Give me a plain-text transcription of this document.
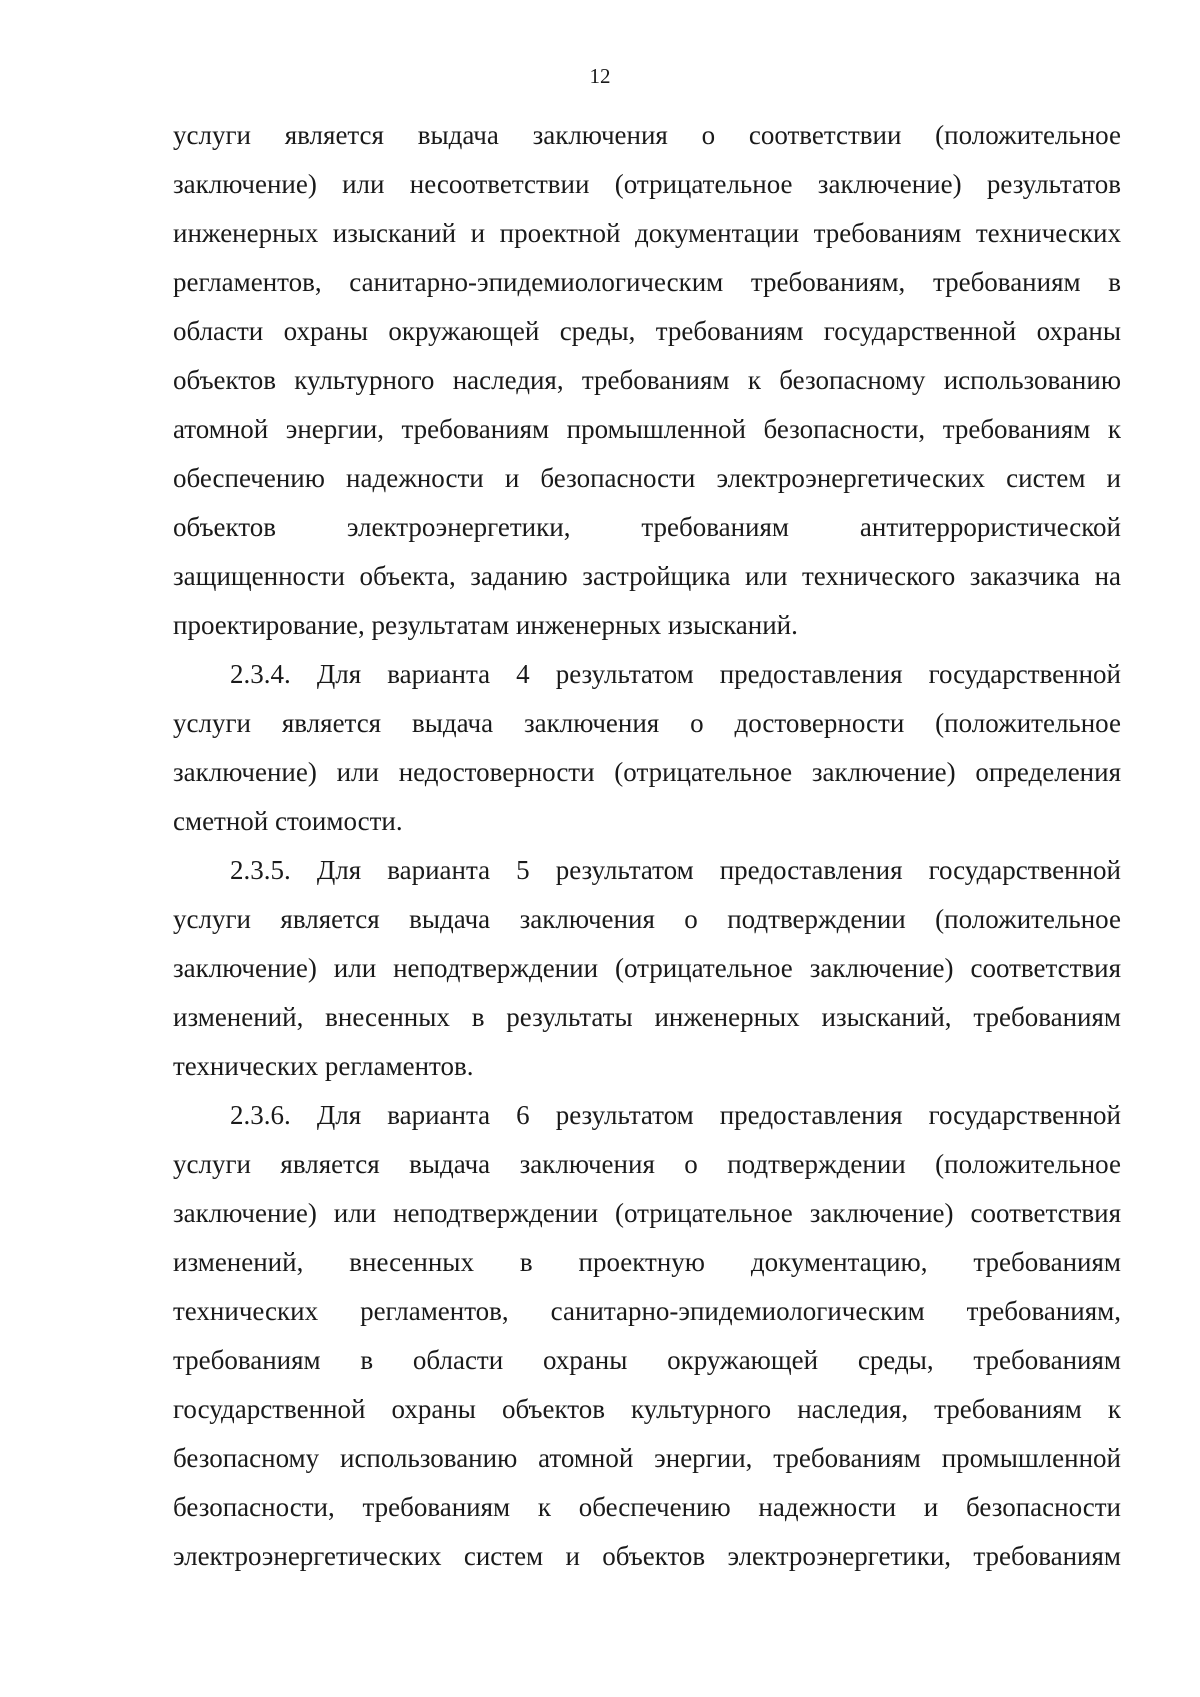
12
услуги является выдача заключения о соответствии (положительное
заключение) или несоответствии (отрицательное заключение) результатов
инженерных изысканий и проектной документации требованиям технических
регламентов, санитарно-эпидемиологическим требованиям, требованиям в
области охраны окружающей среды, требованиям государственной охраны
объектов культурного наследия, требованиям к безопасному использованию
атомной энергии, требованиям промышленной безопасности, требованиям к
обеспечению надежности и безопасности электроэнергетических систем и
объектов электроэнергетики, требованиям антитеррористической
защищенности объекта, заданию застройщика или технического заказчика на
проектирование, результатам инженерных изысканий.
2.3.4. Для варианта 4 результатом предоставления государственной
услуги является выдача заключения о достоверности (положительное
заключение) или недостоверности (отрицательное заключение) определения
сметной стоимости.
2.3.5. Для варианта 5 результатом предоставления государственной
услуги является выдача заключения о подтверждении (положительное
заключение) или неподтверждении (отрицательное заключение) соответствия
изменений, внесенных в результаты инженерных изысканий, требованиям
технических регламентов.
2.3.6. Для варианта 6 результатом предоставления государственной
услуги является выдача заключения о подтверждении (положительное
заключение) или неподтверждении (отрицательное заключение) соответствия
изменений, внесенных в проектную документацию, требованиям
технических регламентов, санитарно-эпидемиологическим требованиям,
требованиям в области охраны окружающей среды, требованиям
государственной охраны объектов культурного наследия, требованиям к
безопасному использованию атомной энергии, требованиям промышленной
безопасности, требованиям к обеспечению надежности и безопасности
электроэнергетических систем и объектов электроэнергетики, требованиям
